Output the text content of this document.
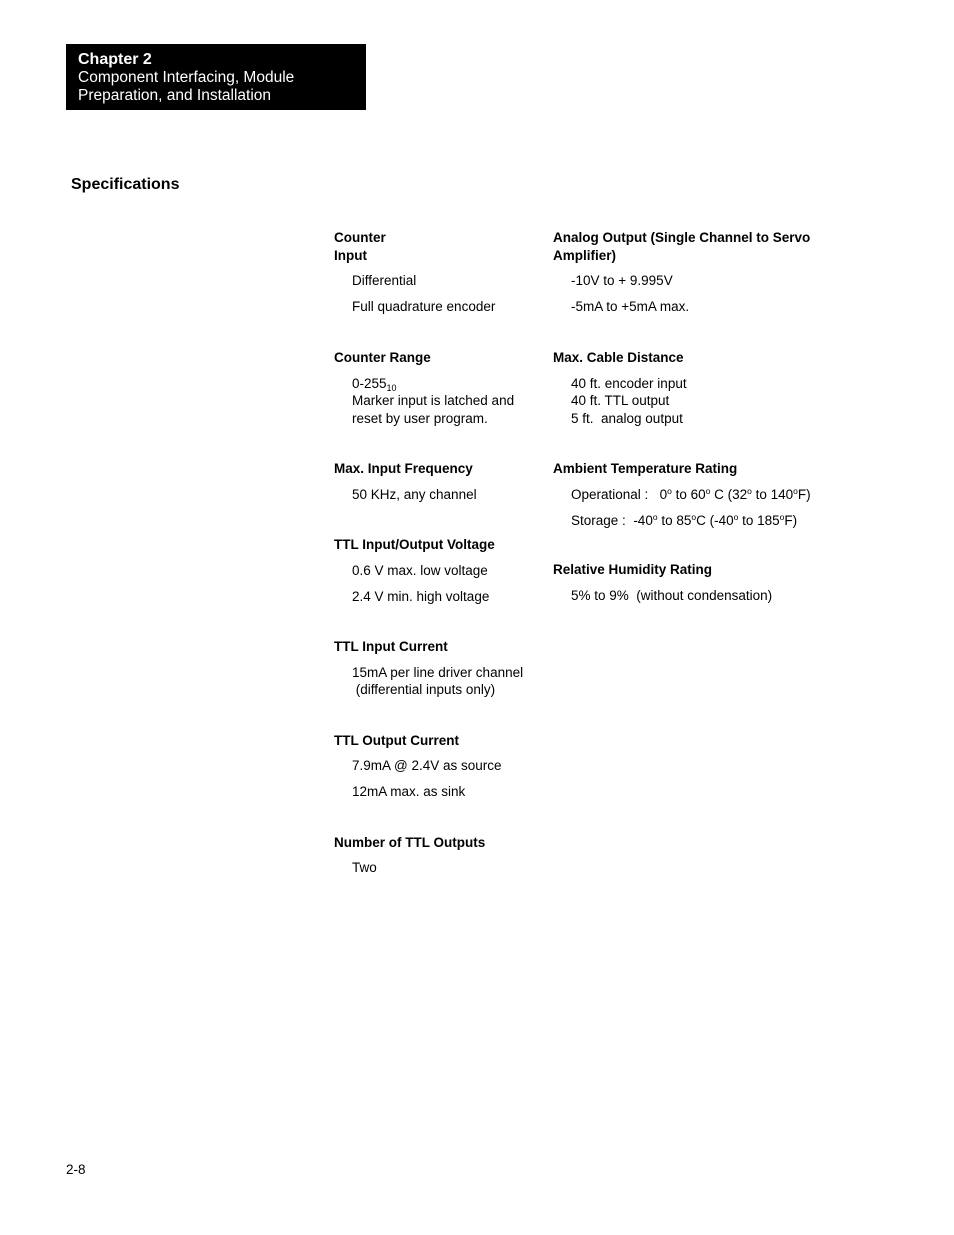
Chapter 2
Component Interfacing, Module
Preparation, and Installation
Specifications
Counter
Input
Differential
Full quadrature encoder
Counter Range
$0-255_{10}$
Marker input is latched and
reset by user program.
Max. Input Frequency
50 KHz, any channel
TTL Input/Output Voltage
0.6 V max. low voltage
2.4 V min. high voltage
TTL Input Current
15mA per line driver channel
(differential inputs only)
TTL Output Current
7.9mA @ 2.4V as source
12mA max. as sink
Number of TTL Outputs
Two
Analog Output (Single Channel to Servo
Amplifier)
-10V to + 9.995V
-5mA to +5mA max.
Max. Cable Distance
40 ft. encoder input
40 ft. TTL output
5 ft.  analog output
Ambient Temperature Rating
Operational : 0$^o$ to 60$^o$ C (32$^o$ to 140$^o$F)
Storage : -40$^o$ to 85$^o$C (-40$^o$ to 185$^o$F)
Relative Humidity Rating
5% to 9%  (without condensation)
2-8
